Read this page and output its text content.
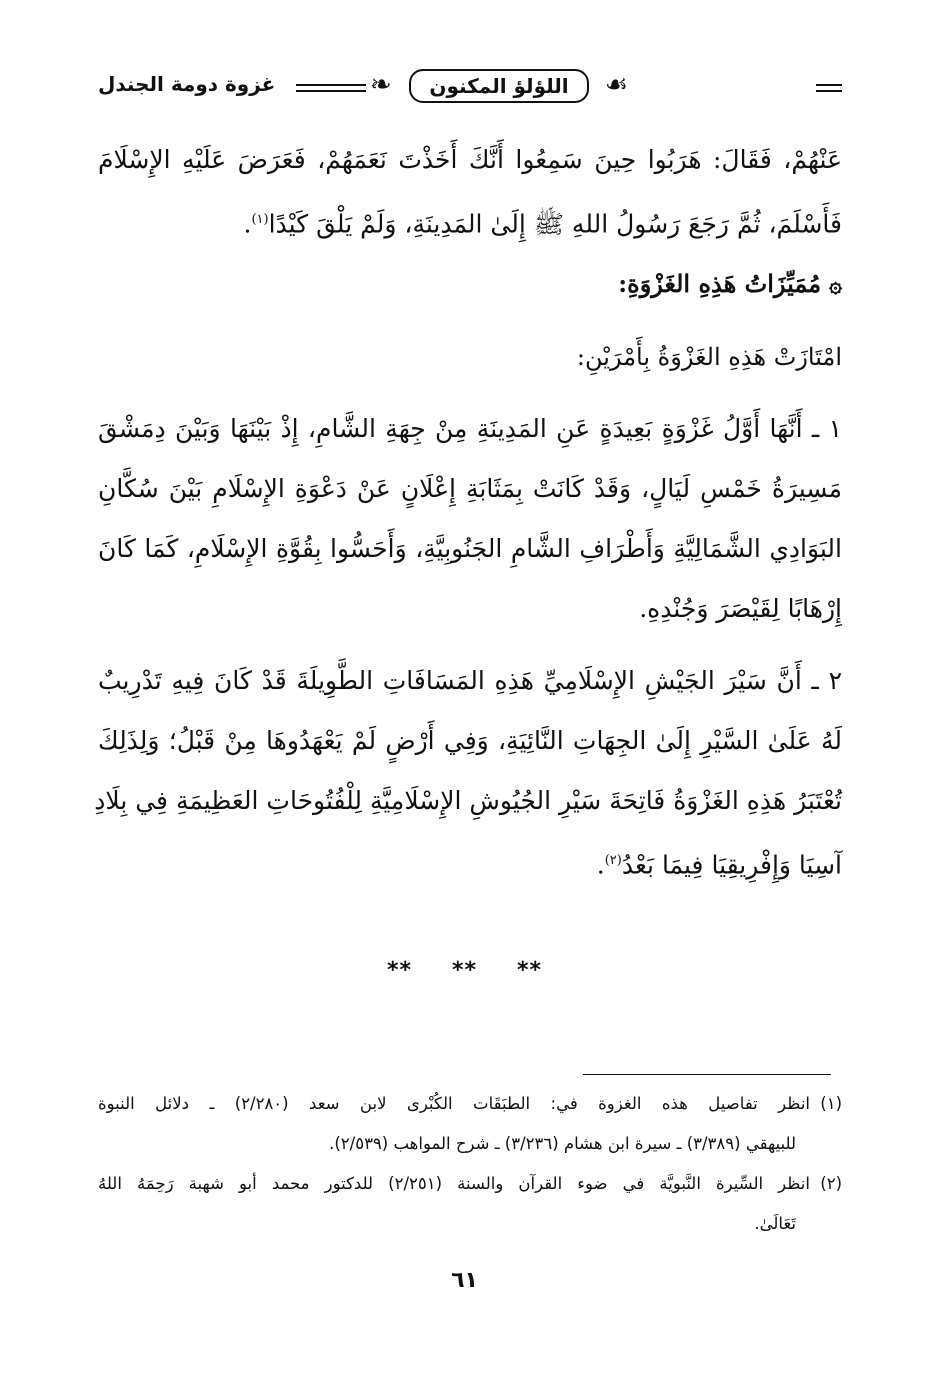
☙
اللؤلؤ المكنون
❧
غزوة دومة الجندل
عَنْهُمْ، فَقَالَ: هَرَبُوا حِينَ سَمِعُوا أَنَّكَ أَخَذْتَ نَعَمَهُمْ، فَعَرَضَ عَلَيْهِ الإِسْلَامَ
فَأَسْلَمَ، ثُمَّ رَجَعَ رَسُولُ اللهِ ﷺ إِلَىٰ المَدِينَةِ، وَلَمْ يَلْقَ كَيْدًا$^{(١)}$.
۞مُمَيِّزَاتُ هَذِهِ الغَزْوَةِ:
امْتَازَتْ هَذِهِ الغَزْوَةُ بِأَمْرَيْنِ:
١ ـ أَنَّهَا أَوَّلُ غَزْوَةٍ بَعِيدَةٍ عَنِ المَدِينَةِ مِنْ جِهَةِ الشَّامِ، إِذْ بَيْنَهَا وَبَيْنَ دِمَشْقَ
مَسِيرَةُ خَمْسِ لَيَالٍ، وَقَدْ كَانَتْ بِمَثَابَةِ إِعْلَانٍ عَنْ دَعْوَةِ الإِسْلَامِ بَيْنَ سُكَّانِ
البَوَادِي الشَّمَالِيَّةِ وَأَطْرَافِ الشَّامِ الجَنُوبِيَّةِ، وَأَحَسُّوا بِقُوَّةِ الإِسْلَامِ، كَمَا كَانَ
إِرْهَابًا لِقَيْصَرَ وَجُنْدِهِ.
٢ ـ أَنَّ سَيْرَ الجَيْشِ الإِسْلَامِيِّ هَذِهِ المَسَافَاتِ الطَّوِيلَةَ قَدْ كَانَ فِيهِ تَدْرِيبٌ
لَهُ عَلَىٰ السَّيْرِ إِلَىٰ الجِهَاتِ النَّائِيَةِ، وَفِي أَرْضٍ لَمْ يَعْهَدُوهَا مِنْ قَبْلُ؛ وَلِذَلِكَ
تُعْتَبَرُ هَذِهِ الغَزْوَةُ فَاتِحَةَ سَيْرِ الجُيُوشِ الإِسْلَامِيَّةِ لِلْفُتُوحَاتِ العَظِيمَةِ فِي بِلَادِ
آسِيَا وَإِفْرِيقِيَا فِيمَا بَعْدُ$^{(٢)}$.
** ** **
(١)انظر تفاصيل هذه الغزوة في: الطبَقَات الكُبْرى لابن سعد (٢/٢٨٠) ـ دلائل النبوة
للبيهقي (٣/٣٨٩) ـ سيرة ابن هشام (٣/٢٣٦) ـ شرح المواهب (٢/٥٣٩).
(٢)انظر السِّيرة النَّبويَّة في ضوء القرآن والسنة (٢/٢٥١) للدكتور محمد أبو شهبة رَحِمَهُ اللهُ
تَعَالَىٰ.
٦١
